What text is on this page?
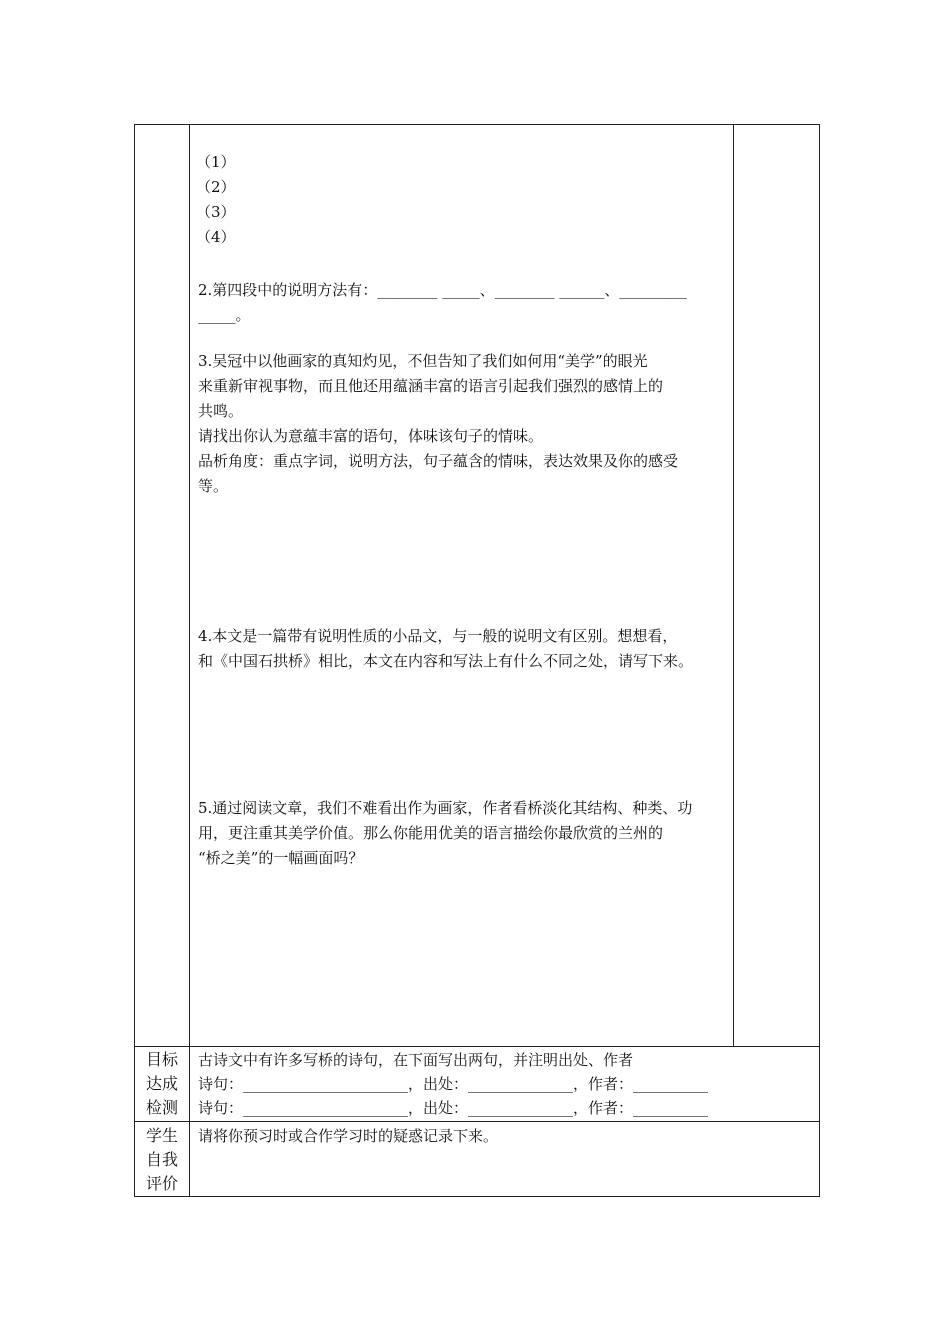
（1）
（2）
（3）
（4）
2.第四段中的说明方法有：________ _____、________ ______、_________
_____。
3.吴冠中以他画家的真知灼见，不但告知了我们如何用“美学”的眼光
来重新审视事物，而且他还用蕴涵丰富的语言引起我们强烈的感情上的
共鸣。
请找出你认为意蕴丰富的语句，体味该句子的情味。
品析角度：重点字词，说明方法，句子蕴含的情味，表达效果及你的感受
等。
4.本文是一篇带有说明性质的小品文，与一般的说明文有区别。想想看，
和《中国石拱桥》相比，本文在内容和写法上有什么不同之处，请写下来。
5.通过阅读文章，我们不难看出作为画家，作者看桥淡化其结构、种类、功
用，更注重其美学价值。那么你能用优美的语言描绘你最欣赏的兰州的
“桥之美”的一幅画面吗？
目标
达成
检测
古诗文中有许多写桥的诗句，在下面写出两句，并注明出处、作者
诗句：______________________，出处：______________，作者：__________
诗句：______________________，出处：______________，作者：__________
学生
自我
评价
请将你预习时或合作学习时的疑惑记录下来。
